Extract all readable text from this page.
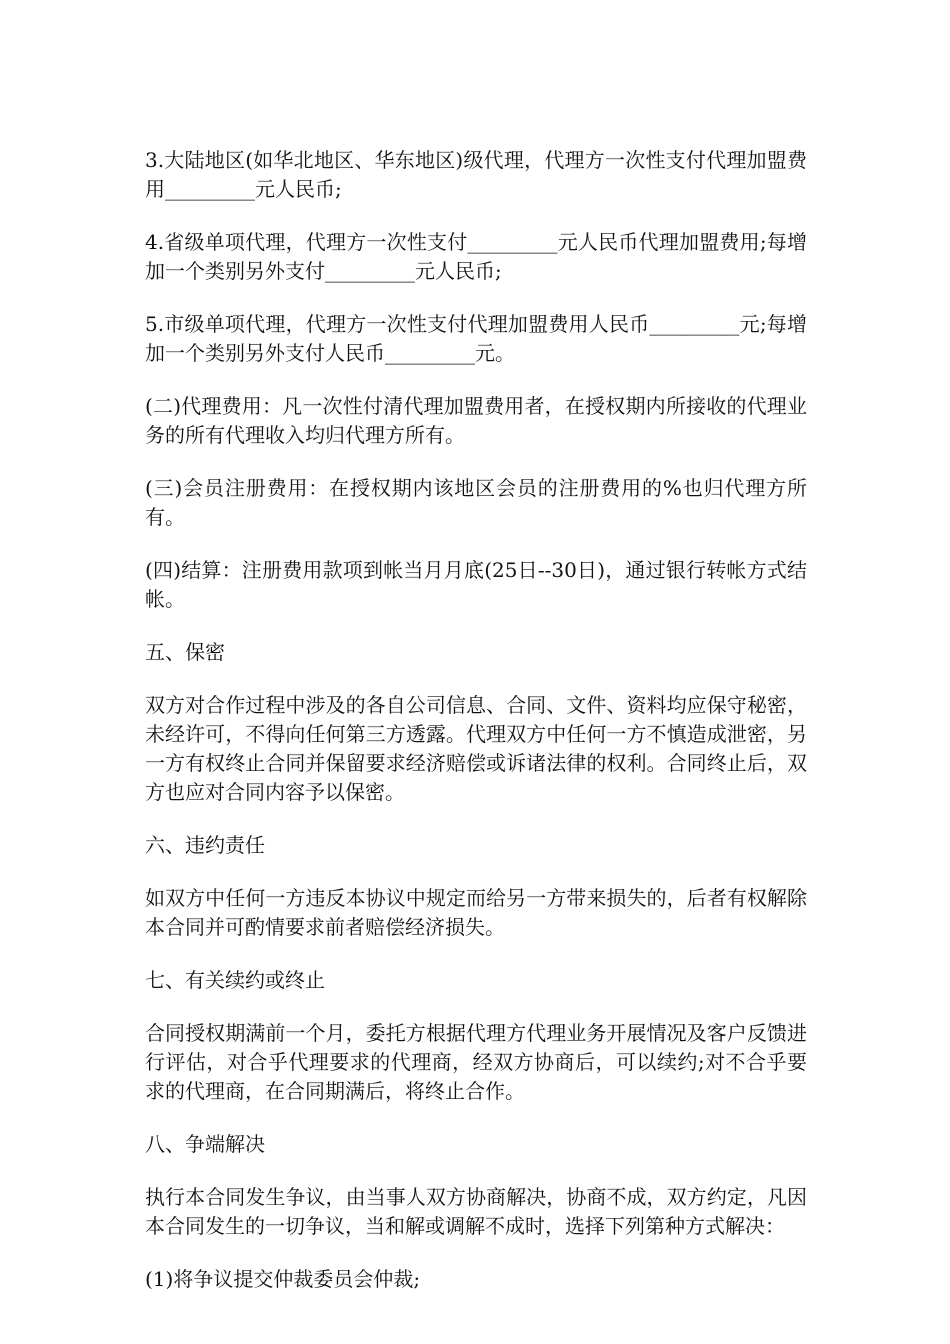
3.大陆地区(如华北地区、华东地区)级代理，代理方一次性支付代理加盟费用_________元人民币;

4.省级单项代理，代理方一次性支付_________元人民币代理加盟费用;每增加一个类别另外支付_________元人民币;

5.市级单项代理，代理方一次性支付代理加盟费用人民币_________元;每增加一个类别另外支付人民币_________元。

(二)代理费用：凡一次性付清代理加盟费用者，在授权期内所接收的代理业务的所有代理收入均归代理方所有。

(三)会员注册费用：在授权期内该地区会员的注册费用的%也归代理方所有。

(四)结算：注册费用款项到帐当月月底(25日--30日)，通过银行转帐方式结帐。

五、保密

双方对合作过程中涉及的各自公司信息、合同、文件、资料均应保守秘密，未经许可，不得向任何第三方透露。代理双方中任何一方不慎造成泄密，另一方有权终止合同并保留要求经济赔偿或诉诸法律的权利。合同终止后，双方也应对合同内容予以保密。

六、违约责任

如双方中任何一方违反本协议中规定而给另一方带来损失的，后者有权解除本合同并可酌情要求前者赔偿经济损失。

七、有关续约或终止

合同授权期满前一个月，委托方根据代理方代理业务开展情况及客户反馈进行评估，对合乎代理要求的代理商，经双方协商后，可以续约;对不合乎要求的代理商，在合同期满后，将终止合作。

八、争端解决

执行本合同发生争议，由当事人双方协商解决，协商不成，双方约定，凡因本合同发生的一切争议，当和解或调解不成时，选择下列第种方式解决：

(1)将争议提交仲裁委员会仲裁;
